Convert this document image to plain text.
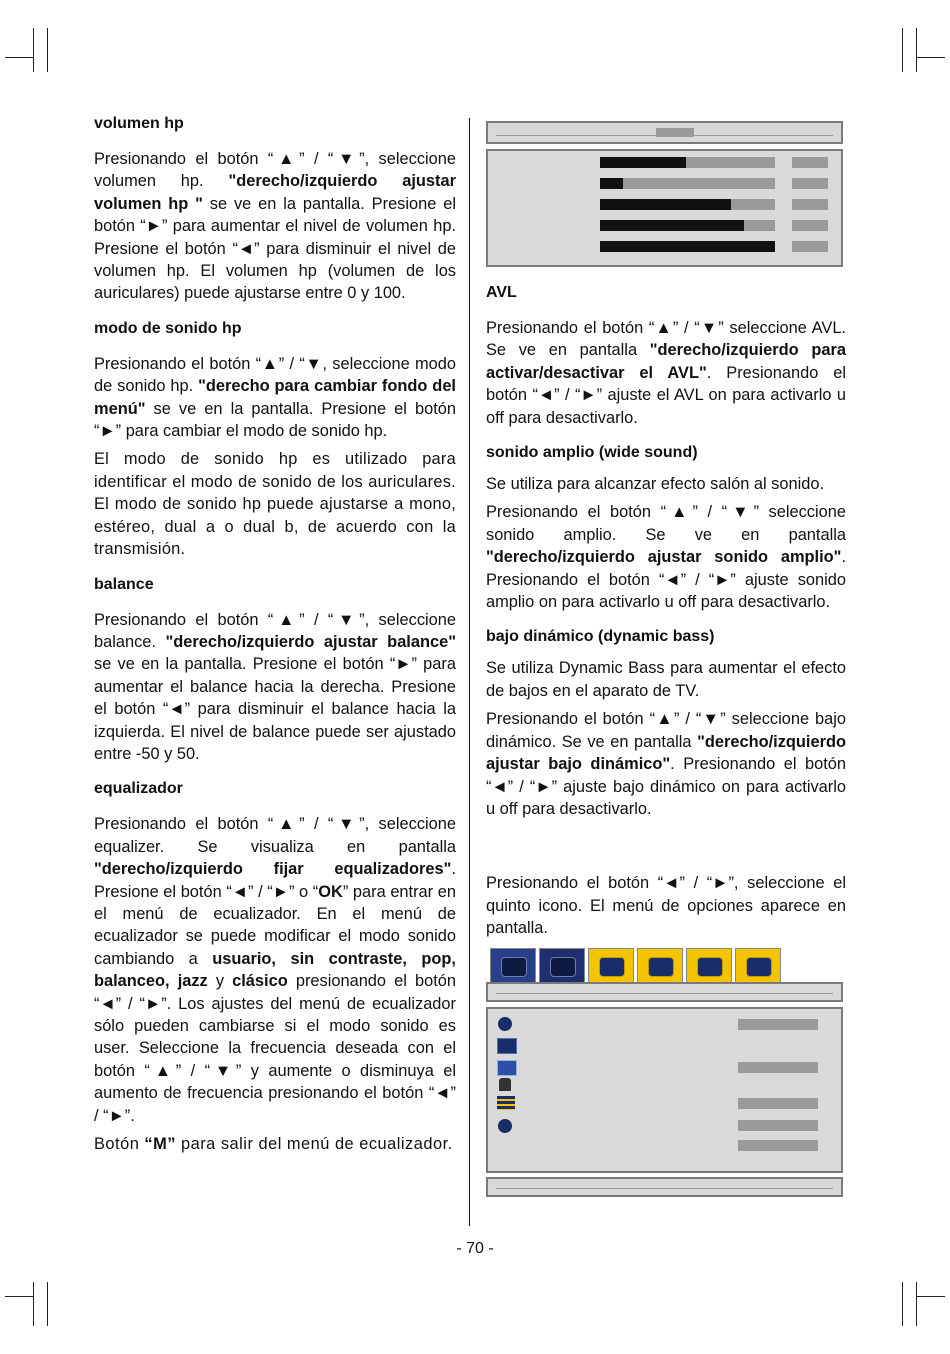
volumen hp

Presionando el botón “▲” / “▼”, seleccione volumen hp. "derecho/izquierdo ajustar volumen hp " se ve en la pantalla. Presione el botón “►” para aumentar el nivel de volumen hp. Presione el botón “◄” para disminuir el nivel de volumen hp. El volumen hp (volumen de los auriculares) puede ajustarse entre 0 y 100.

modo de sonido hp

Presionando el botón “▲” / “▼, seleccione modo de sonido hp. "derecho para cambiar fondo del menú" se ve en la pantalla. Presione el botón “►” para cambiar el modo de sonido hp.

El modo de sonido hp es utilizado para identificar el modo de sonido de los auriculares. El modo de sonido hp puede ajustarse a mono, estéreo, dual a o dual b, de acuerdo con la transmisión.

balance

Presionando el botón “▲” / “▼”, seleccione balance. "derecho/izquierdo ajustar balance" se ve en la pantalla. Presione el botón “►” para aumentar el balance hacia la derecha. Presione el botón “◄” para disminuir el balance hacia la izquierda. El nivel de balance puede ser ajustado entre -50 y 50.

equalizador

Presionando el botón “▲” / “▼”, seleccione equalizer. Se visualiza en pantalla "derecho/izquierdo fijar equalizadores". Presione el botón “◄” / “►” o “OK” para entrar en el menú de ecualizador. En el menú de ecualizador se puede modificar el modo sonido cambiando a usuario, sin contraste, pop, balanceo, jazz y clásico presionando el botón “◄” / “►”. Los ajustes del menú de ecualizador sólo pueden cambiarse si el modo sonido es user. Seleccione la frecuencia deseada con el botón “▲” / “▼” y aumente o disminuya el aumento de frecuencia presionando el botón “◄” / “►”.

Botón “M” para salir del menú de ecualizador.

AVL

Presionando el botón “▲” / “▼” seleccione AVL. Se ve en pantalla "derecho/izquierdo para activar/desactivar el AVL". Presionando el botón “◄” / “►” ajuste el AVL on para activarlo u off para desactivarlo.

sonido amplio (wide sound)

Se utiliza para alcanzar efecto salón al sonido.

Presionando el botón “▲” / “▼” seleccione sonido amplio. Se ve en pantalla "derecho/izquierdo ajustar sonido amplio". Presionando el botón “◄” / “►” ajuste sonido amplio on para activarlo u off para desactivarlo.

bajo dinámico (dynamic bass)

Se utiliza Dynamic Bass para aumentar el efecto de bajos en el aparato de TV.

Presionando el botón “▲” / “▼” seleccione bajo dinámico. Se ve en pantalla "derecho/izquierdo ajustar bajo dinámico". Presionando el botón “◄” / “►” ajuste bajo dinámico on para activarlo u off para desactivarlo.

Presionando el botón “◄” / “►”, seleccione el quinto icono. El menú de opciones aparece en pantalla.

- 70 -
